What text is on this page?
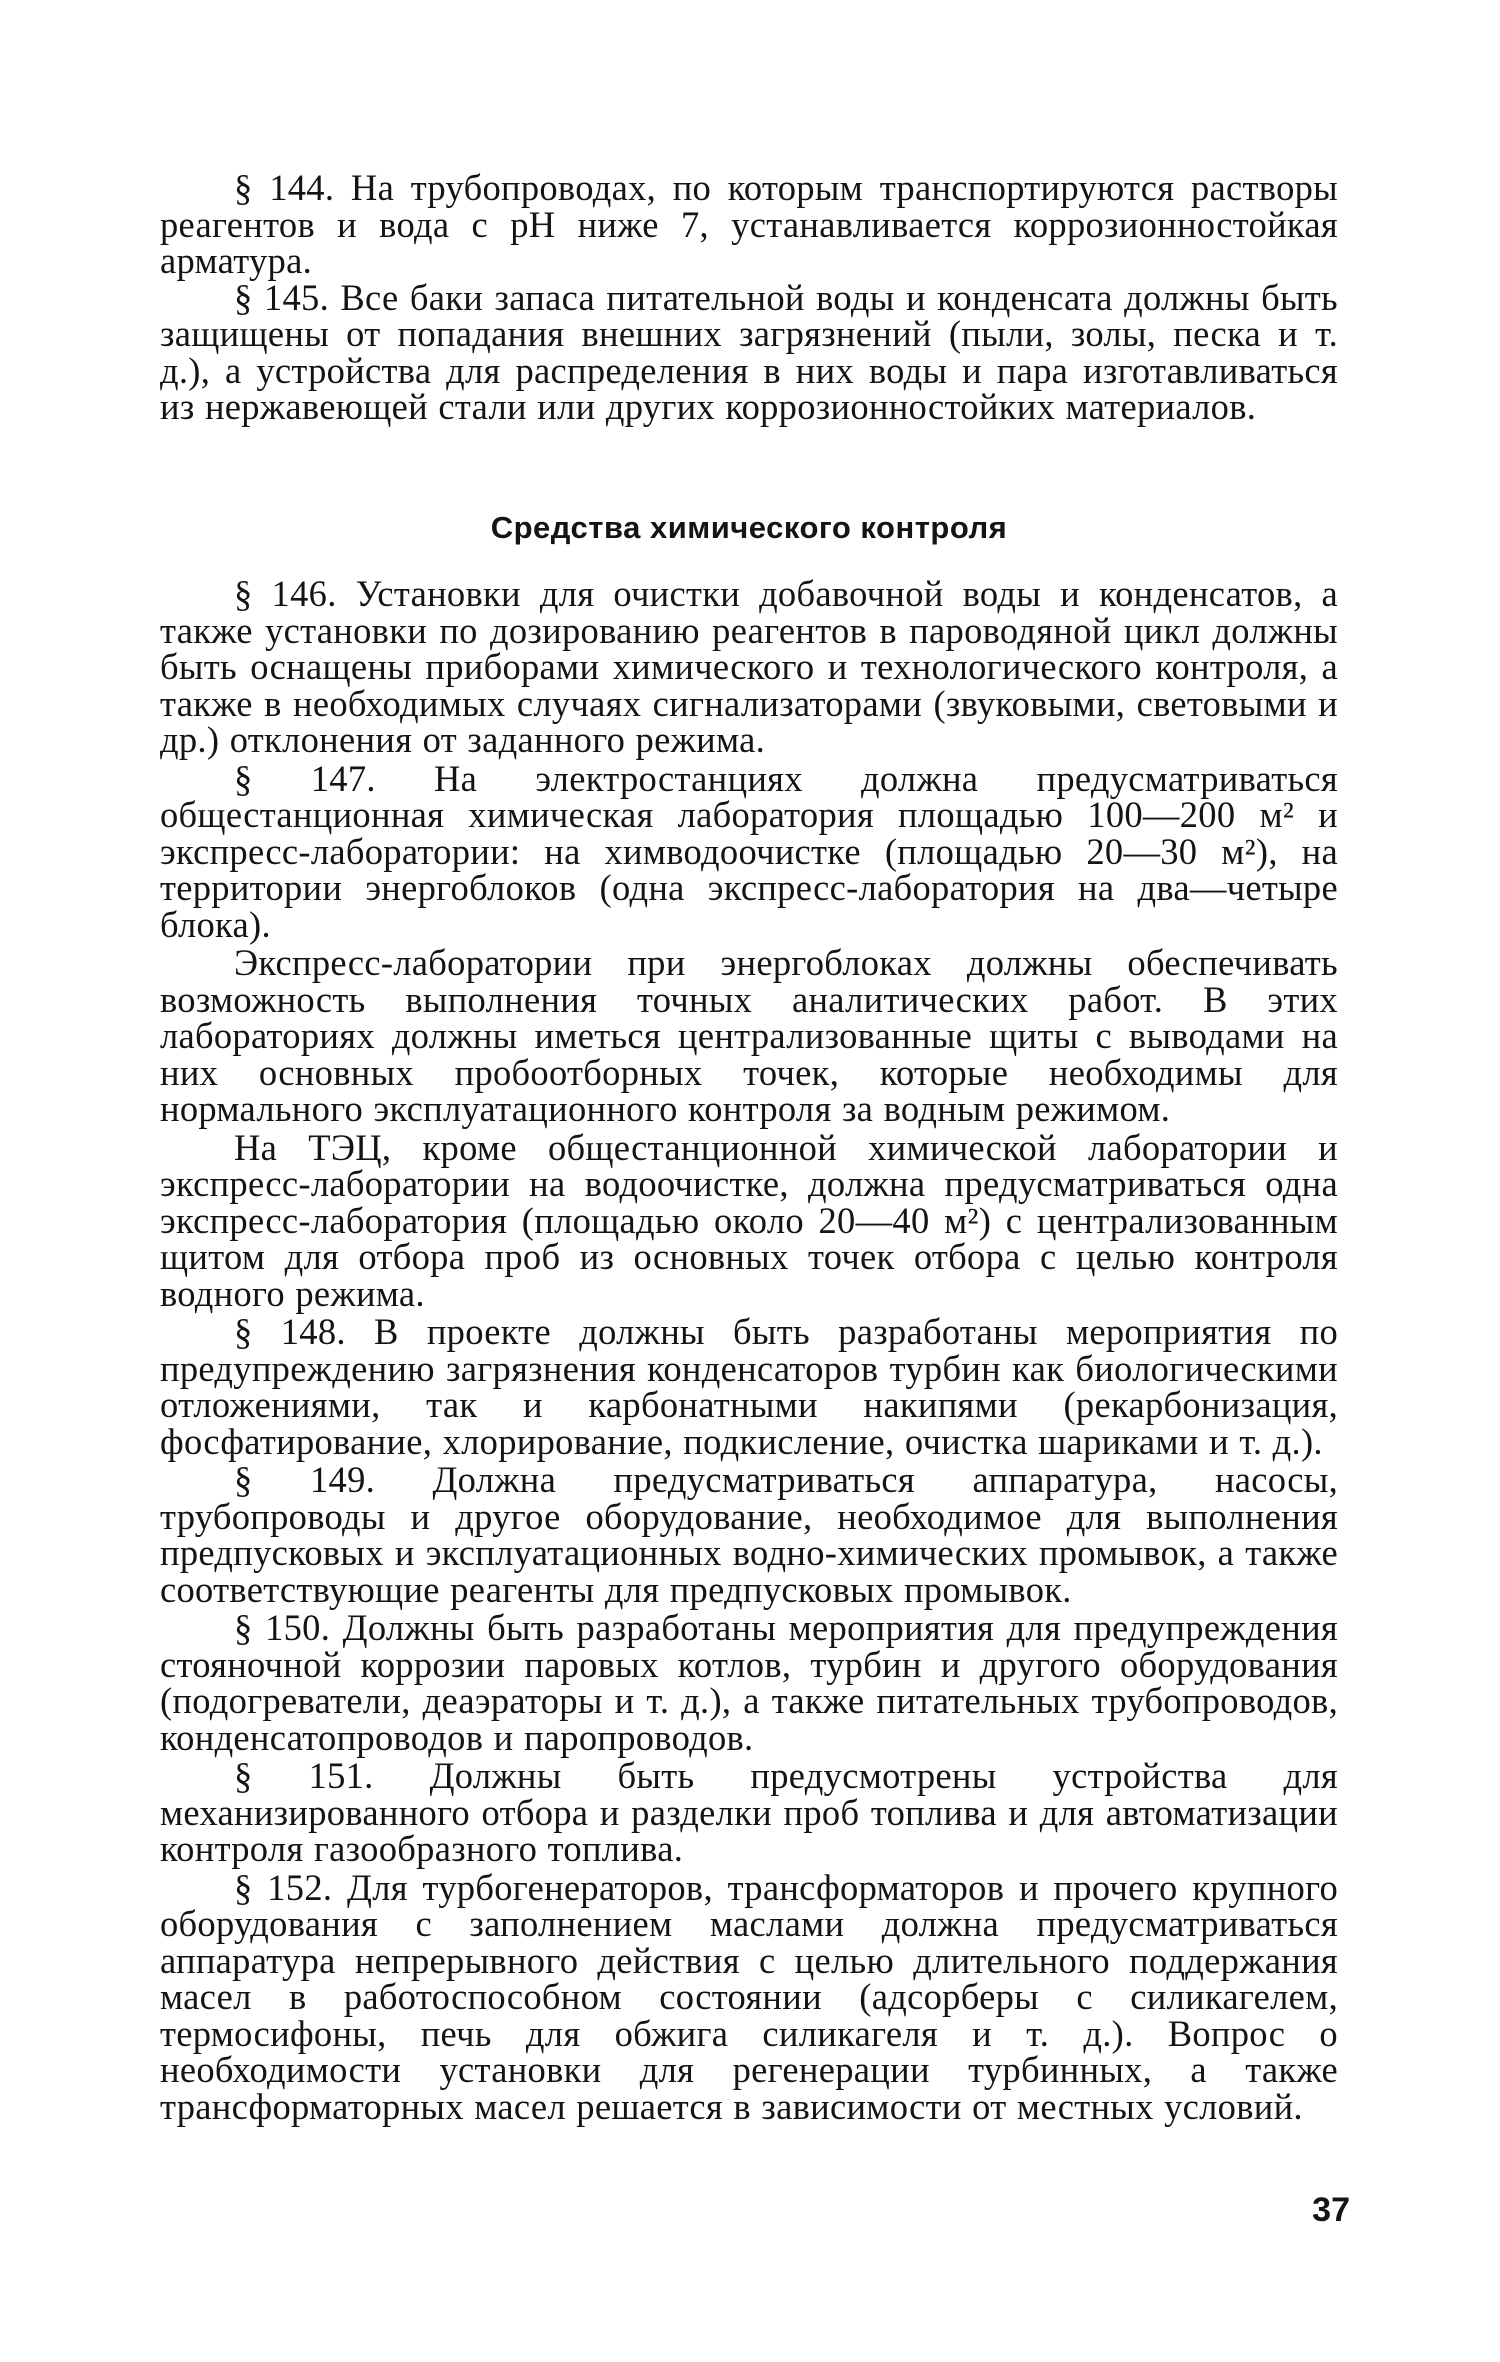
§ 144. На трубопроводах, по которым транспортируются растворы реагентов и вода с рН ниже 7, устанавливается коррозионностойкая арматура.

§ 145. Все баки запаса питательной воды и конденсата должны быть защищены от попадания внешних загрязнений (пыли, золы, песка и т. д.), а устройства для распределения в них воды и пара изготавливаться из нержавеющей стали или других коррозионностойких материалов.

Средства химического контроля

§ 146. Установки для очистки добавочной воды и конденсатов, а также установки по дозированию реагентов в пароводяной цикл должны быть оснащены приборами химического и технологического контроля, а также в необходимых случаях сигнализаторами (звуковыми, световыми и др.) отклонения от заданного режима.

§ 147. На электростанциях должна предусматриваться общестанционная химическая лаборатория площадью 100—200 м² и экспресс-лаборатории: на химводоочистке (площадью 20—30 м²), на территории энергоблоков (одна экспресс-лаборатория на два—четыре блока).

Экспресс-лаборатории при энергоблоках должны обеспечивать возможность выполнения точных аналитических работ. В этих лабораториях должны иметься централизованные щиты с выводами на них основных пробоотборных точек, которые необходимы для нормального эксплуатационного контроля за водным режимом.

На ТЭЦ, кроме общестанционной химической лаборатории и экспресс-лаборатории на водоочистке, должна предусматриваться одна экспресс-лаборатория (площадью около 20—40 м²) с централизованным щитом для отбора проб из основных точек отбора с целью контроля водного режима.

§ 148. В проекте должны быть разработаны мероприятия по предупреждению загрязнения конденсаторов турбин как биологическими отложениями, так и карбонатными накипями (рекарбонизация, фосфатирование, хлорирование, подкисление, очистка шариками и т. д.).

§ 149. Должна предусматриваться аппаратура, насосы, трубопроводы и другое оборудование, необходимое для выполнения предпусковых и эксплуатационных водно-химических промывок, а также соответствующие реагенты для предпусковых промывок.

§ 150. Должны быть разработаны мероприятия для предупреждения стояночной коррозии паровых котлов, турбин и другого оборудования (подогреватели, деаэраторы и т. д.), а также питательных трубопроводов, конденсатопроводов и паропроводов.

§ 151. Должны быть предусмотрены устройства для механизированного отбора и разделки проб топлива и для автоматизации контроля газообразного топлива.

§ 152. Для турбогенераторов, трансформаторов и прочего крупного оборудования с заполнением маслами должна предусматриваться аппаратура непрерывного действия с целью длительного поддержания масел в работоспособном состоянии (адсорберы с силикагелем, термосифоны, печь для обжига силикагеля и т. д.). Вопрос о необходимости установки для регенерации турбинных, а также трансформаторных масел решается в зависимости от местных условий.

37
